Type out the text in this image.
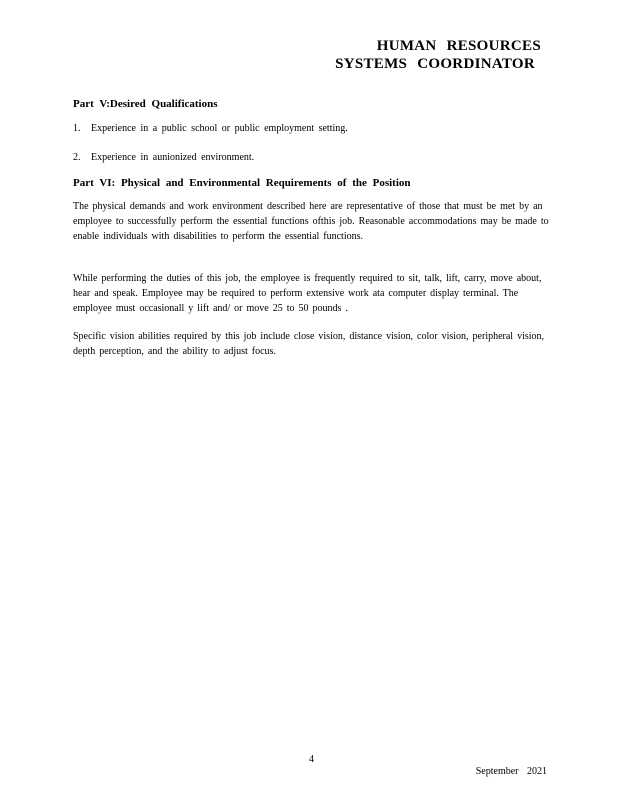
HUMAN RESOURCES
SYSTEMS COORDINATOR
Part V:Desired Qualifications
1. Experience in a public school or public employment setting.
2. Experience in aunionized environment.
Part VI: Physical and Environmental Requirements of the Position
The physical demands and work environment described here are representative of those that must be met by an employee to successfully perform the essential functions ofthis job. Reasonable accommodations may be made to enable individuals with disabilities to perform the essential functions.
While performing the duties of this job, the employee is frequently required to sit, talk, lift, carry, move about, hear and speak. Employee may be required to perform extensive work ata computer display terminal. The employee must occasionall y lift and/ or move 25 to 50 pounds .
Specific vision abilities required by this job include close vision, distance vision, color vision, peripheral vision, depth perception, and the ability to adjust focus.
4
September 2021
